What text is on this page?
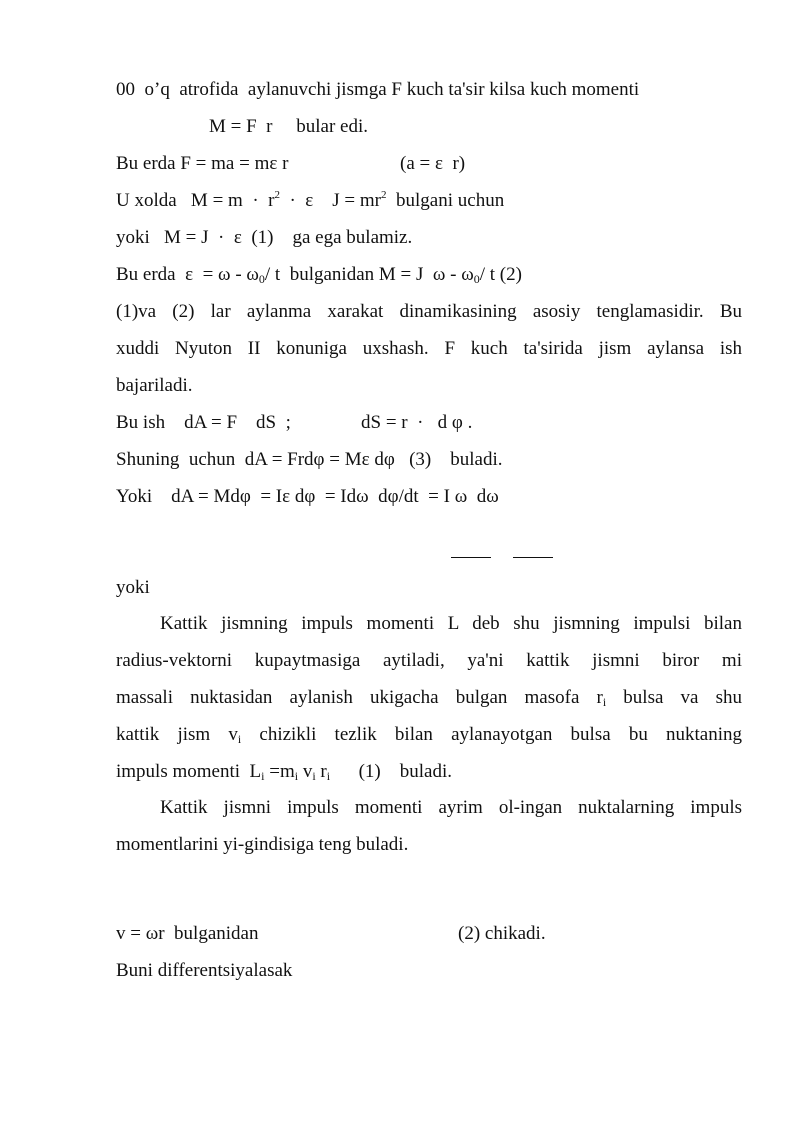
00  o’q  atrofida  aylanuvchi jismga F kuch ta'sir kilsa kuch momenti
M = F  r     bular edi.
Bu erda F = ma = mε r	(a = ε  r)
U xolda   $M = m \cdot r^2 \cdot \varepsilon$    $J = mr^2$  bulgani uchun
yoki   M = J  ·  ε  (1)    ga ega bulamiz.
Bu erda  $\varepsilon = \omega - \omega_0/$ t  bulganidan M = J  ω - $\omega_0/$ t (2)
(1)va (2) lar aylanma xarakat dinamikasining asosiy tenglamasidir. Bu
xuddi Nyuton II konuniga uxshash. F kuch ta'sirida jism aylansa ish
bajariladi.
Bu ish    dA = F    dS  ;	dS = r  ·   d φ .
Shuning  uchun  dA = Frdφ = Mε dφ   (3)    buladi.
Yoki    dA = Mdφ  = Iε dφ  = Idω  dφ/dt  = I ω  dω
yoki
Kattik jismning impuls momenti L deb shu jismning impulsi bilan
radius-vektorni kupaytmasiga aytiladi, ya'ni kattik jismni biror mi
massali nuktasidan aylanish ukigacha bulgan masofa $r_i$ bulsa va shu
kattik jism $v_i$ chizikli tezlik bilan aylanayotgan bulsa bu nuktaning
impuls momenti  $L_i =m_i$ $v_i$ $r_i$      (1)    buladi.
Kattik jismni impuls momenti ayrim ol-ingan nuktalarning impuls
momentlarini yi-gindisiga teng buladi.
v = ωr  bulganidan	(2) chikadi.
Buni differentsiyalasak
